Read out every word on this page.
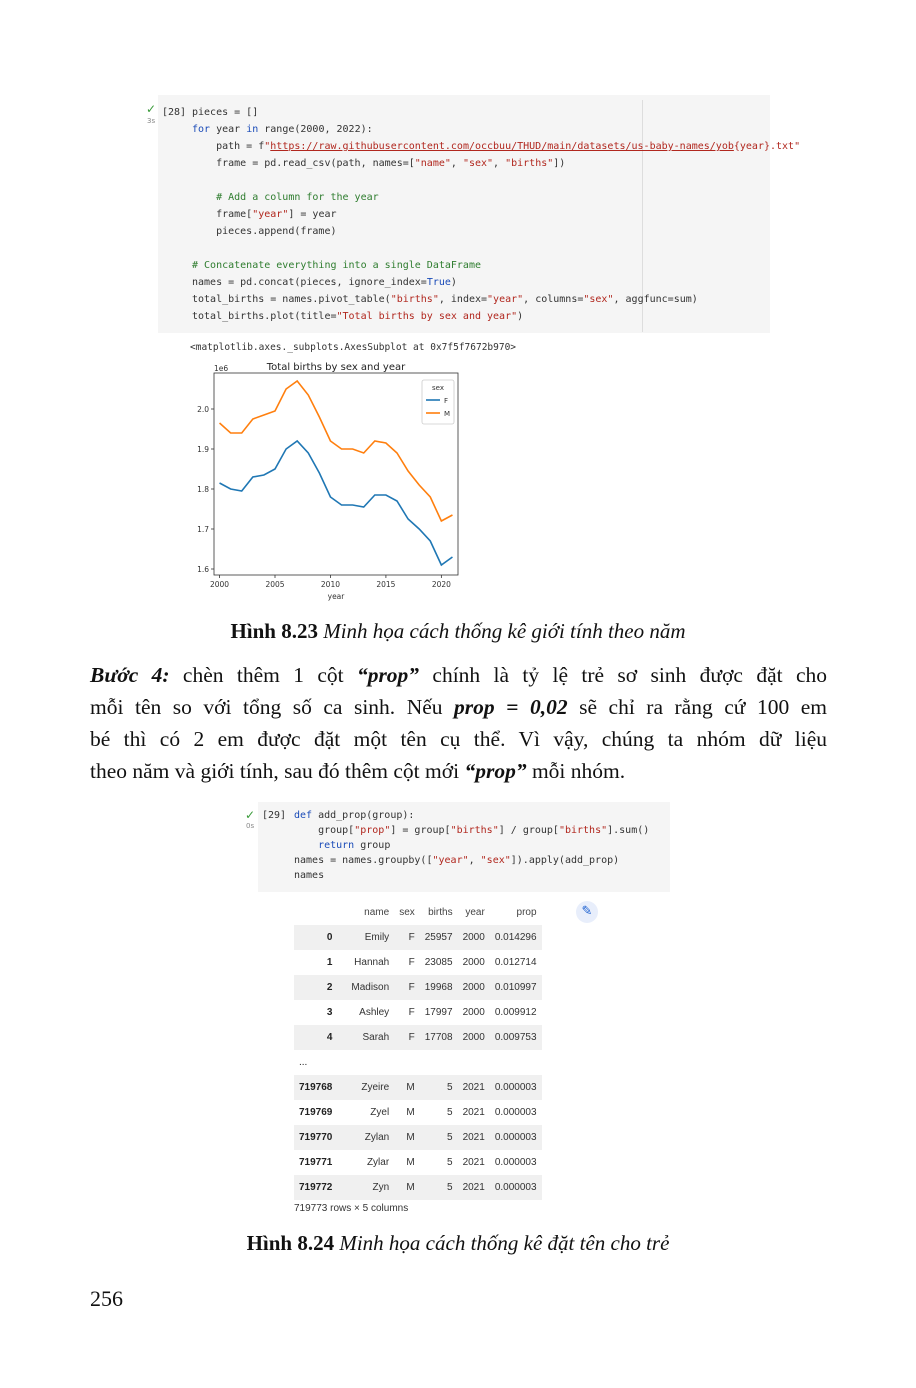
✓
3s
[28] pieces = []
for year in range(2000, 2022):
path = f"https://raw.githubusercontent.com/occbuu/THUD/main/datasets/us-baby-names/yob{year}.txt"
frame = pd.read_csv(path, names=["name", "sex", "births"])

# Add a column for the year
frame["year"] = year
pieces.append(frame)

# Concatenate everything into a single DataFrame
names = pd.concat(pieces, ignore_index=True)
total_births = names.pivot_table("births", index="year", columns="sex", aggfunc=sum)
total_births.plot(title="Total births by sex and year")
<matplotlib.axes._subplots.AxesSubplot at 0x7f5f7672b970>
Total births by sex and year
1e6
2000	2005	2010	2015	2020
1.6
1.7
1.8
1.9
2.0
year
sex
F
M
Hình 8.23 Minh họa cách thống kê giới tính theo năm
Bước 4: chèn thêm 1 cột “prop” chính là tỷ lệ trẻ sơ sinh được đặt cho
mỗi tên so với tổng số ca sinh. Nếu prop = 0,02 sẽ chỉ ra rằng cứ 100 em
bé thì có 2 em được đặt một tên cụ thể. Vì vậy, chúng ta nhóm dữ liệu
theo năm và giới tính, sau đó thêm cột mới “prop” mỗi nhóm.
✓
0s
[29] def add_prop(group):
group["prop"] = group["births"] / group["births"].sum()
return group
names = names.groupby(["year", "sex"]).apply(add_prop)
names
	name	sex	births	year	prop
0	Emily	F	25957	2000	0.014296
1	Hannah	F	23085	2000	0.012714
2	Madison	F	19968	2000	0.010997
3	Ashley	F	17997	2000	0.009912
4	Sarah	F	17708	2000	0.009753
...					
719768	Zyeire	M	5	2021	0.000003
719769	Zyel	M	5	2021	0.000003
719770	Zylan	M	5	2021	0.000003
719771	Zylar	M	5	2021	0.000003
719772	Zyn	M	5	2021	0.000003
✎
719773 rows × 5 columns
Hình 8.24 Minh họa cách thống kê đặt tên cho trẻ
256
